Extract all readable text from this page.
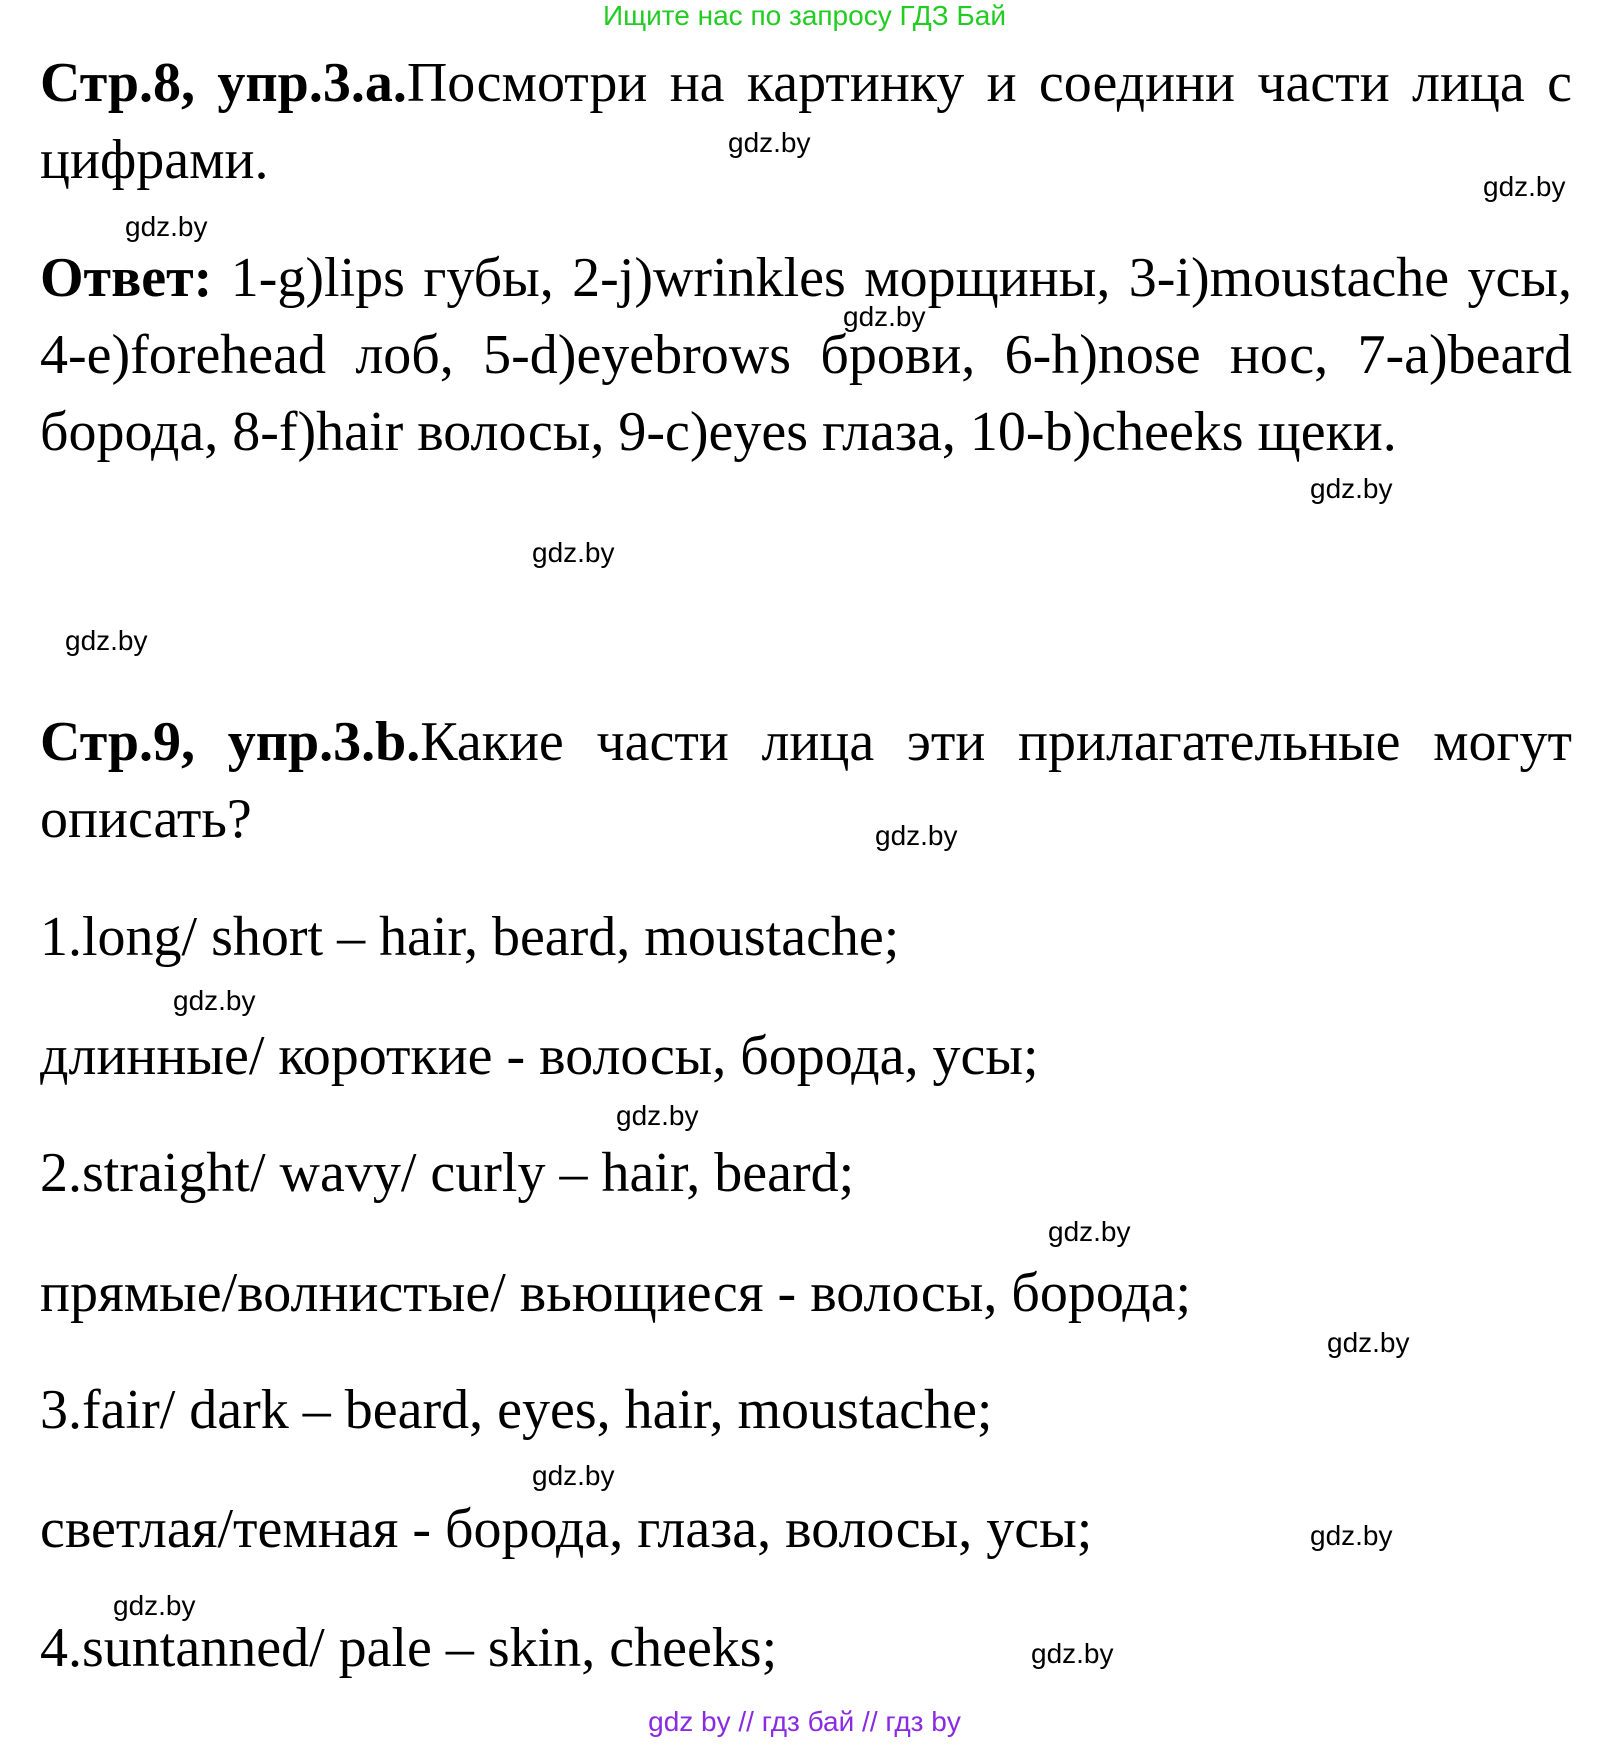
Ищите нас по запросу ГДЗ Бай

Стр.8, упр.3.a.Посмотри на картинку и соедини части лица с цифрами.

Ответ: 1-g)lips губы, 2-j)wrinkles морщины, 3-i)moustache усы, 4-e)forehead лоб, 5-d)eyebrows брови, 6-h)nose нос, 7-a)beard борода, 8-f)hair волосы, 9-c)eyes глаза, 10-b)cheeks щеки.

Стр.9, упр.3.b.Какие части лица эти прилагательные могут описать?

1.long/ short – hair, beard, moustache;

длинные/ короткие - волосы, борода, усы;

2.straight/ wavy/ curly – hair, beard;

прямые/волнистые/ вьющиеся - волосы, борода;

3.fair/ dark – beard, eyes, hair, moustache;

светлая/темная - борода, глаза, волосы, усы;

4.suntanned/ pale – skin, cheeks;

gdz.by
gdz.by
gdz.by
gdz.by
gdz.by
gdz.by
gdz.by
gdz.by
gdz.by
gdz.by
gdz.by
gdz.by
gdz.by
gdz.by
gdz.by
gdz.by
gdz by // гдз бай // гдз by
